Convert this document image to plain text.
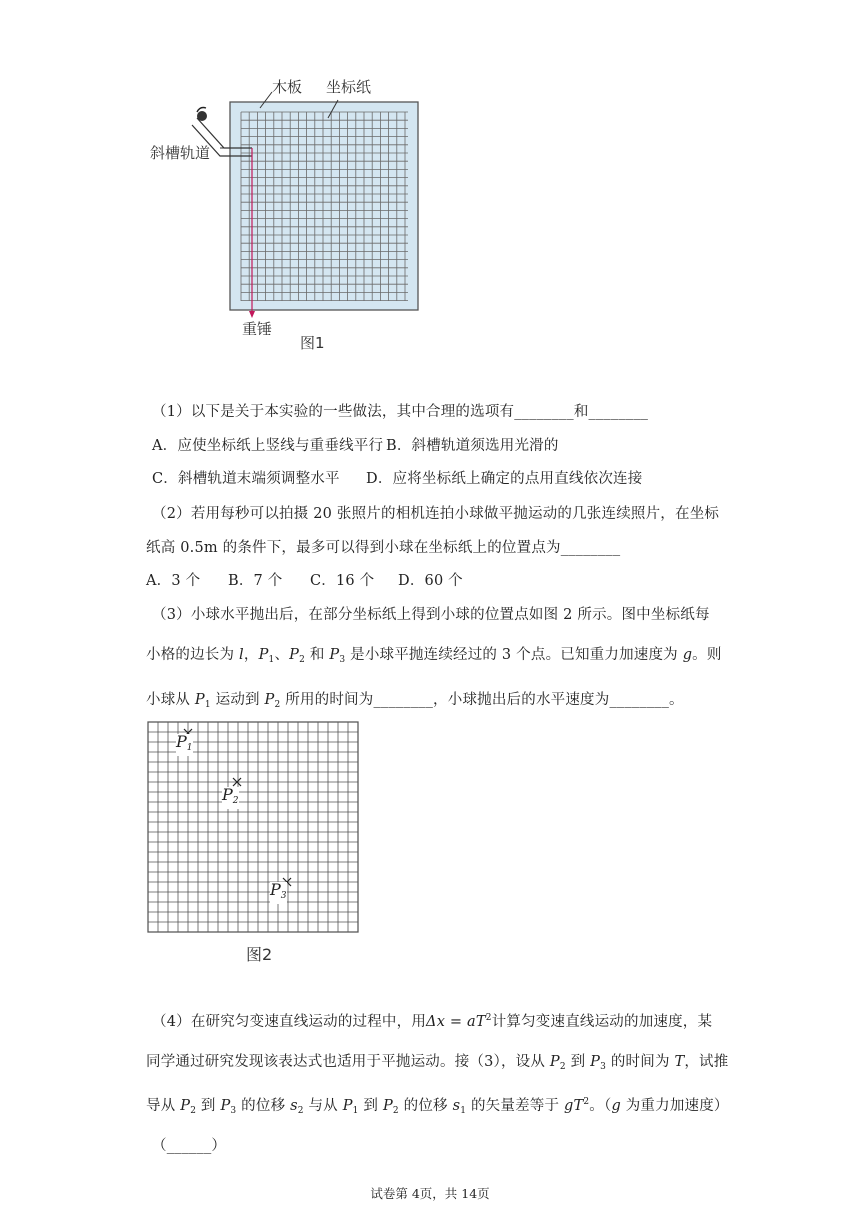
木板 坐标纸
斜槽轨道
重锤
图1
（1）以下是关于本实验的一些做法，其中合理的选项有________和________
A．应使坐标纸上竖线与重垂线平行 B．斜槽轨道须选用光滑的
C．斜槽轨道末端须调整水平 D．应将坐标纸上确定的点用直线依次连接
（2）若用每秒可以拍摄 20 张照片的相机连拍小球做平抛运动的几张连续照片，在坐标
纸高 0.5m 的条件下，最多可以得到小球在坐标纸上的位置点为________
A．3 个 B．7 个 C．16 个 D．60 个
（3）小球水平抛出后，在部分坐标纸上得到小球的位置点如图 2 所示。图中坐标纸每
小格的边长为 l，$P_1$、$P_2$ 和 $P_3$ 是小球平抛连续经过的 3 个点。已知重力加速度为 g。则
小球从 $P_1$ 运动到 $P_2$ 所用的时间为________，小球抛出后的水平速度为________。
$P_1$
$P_2$
$P_3$
图2
（4）在研究匀变速直线运动的过程中，用$\Delta x = aT^2$计算匀变速直线运动的加速度，某
同学通过研究发现该表达式也适用于平抛运动。接（3），设从 $P_2$ 到 $P_3$ 的时间为 T，试推
导从 $P_2$ 到 $P_3$ 的位移 $s_2$ 与从 $P_1$ 到 $P_2$ 的位移 $s_1$ 的矢量差等于 $gT^2$。（g 为重力加速度）
（______）
试卷第 4页，共 14页
